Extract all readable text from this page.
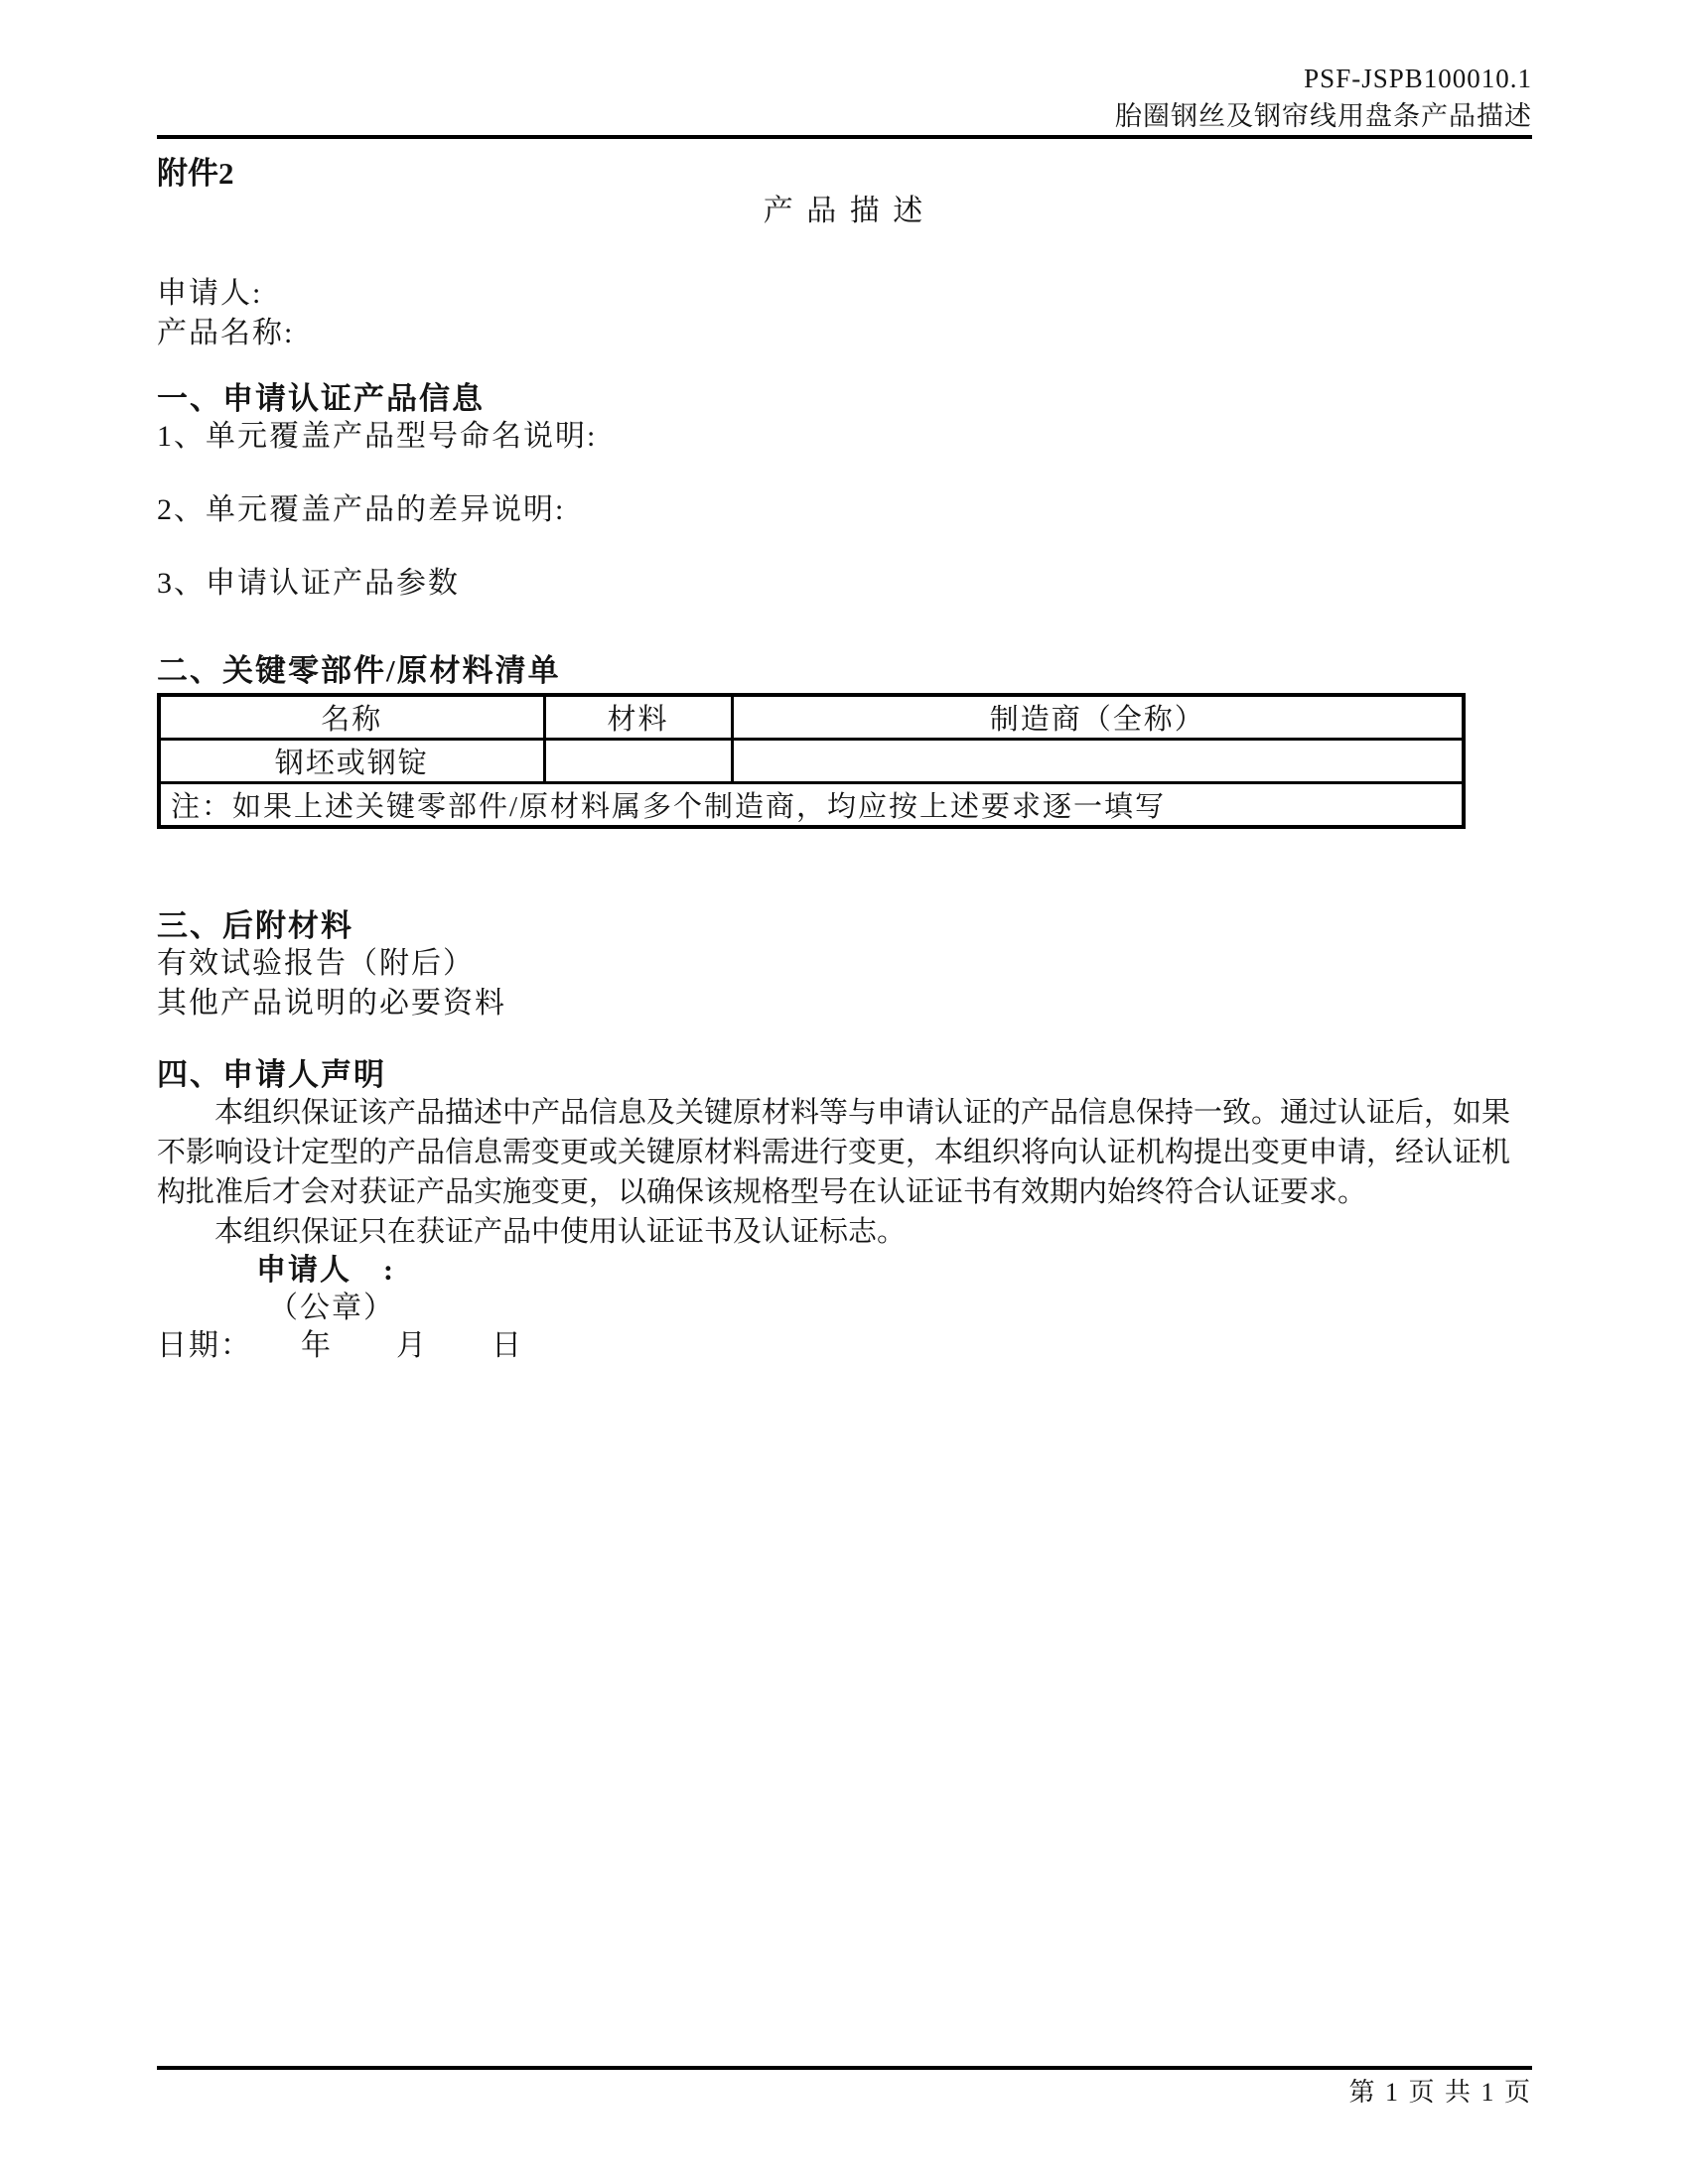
PSF-JSPB100010.1
胎圈钢丝及钢帘线用盘条产品描述
附件2
产 品 描 述
申请人:
产品名称:
一、申请认证产品信息
1、单元覆盖产品型号命名说明:
2、单元覆盖产品的差异说明:
3、申请认证产品参数
二、关键零部件/原材料清单
名称	材料	制造商（全称）
钢坯或钢锭		
注：如果上述关键零部件/原材料属多个制造商，均应按上述要求逐一填写		
三、后附材料
有效试验报告（附后）
其他产品说明的必要资料
四、申请人声明
本组织保证该产品描述中产品信息及关键原材料等与申请认证的产品信息保持一致。通过认证后，如果
不影响设计定型的产品信息需变更或关键原材料需进行变更，本组织将向认证机构提出变更申请，经认证机
构批准后才会对获证产品实施变更，以确保该规格型号在认证证书有效期内始终符合认证要求。
本组织保证只在获证产品中使用认证证书及认证标志。
申请人　:
（公章）
日期：　　年　　月　　日
第 1 页 共 1 页
